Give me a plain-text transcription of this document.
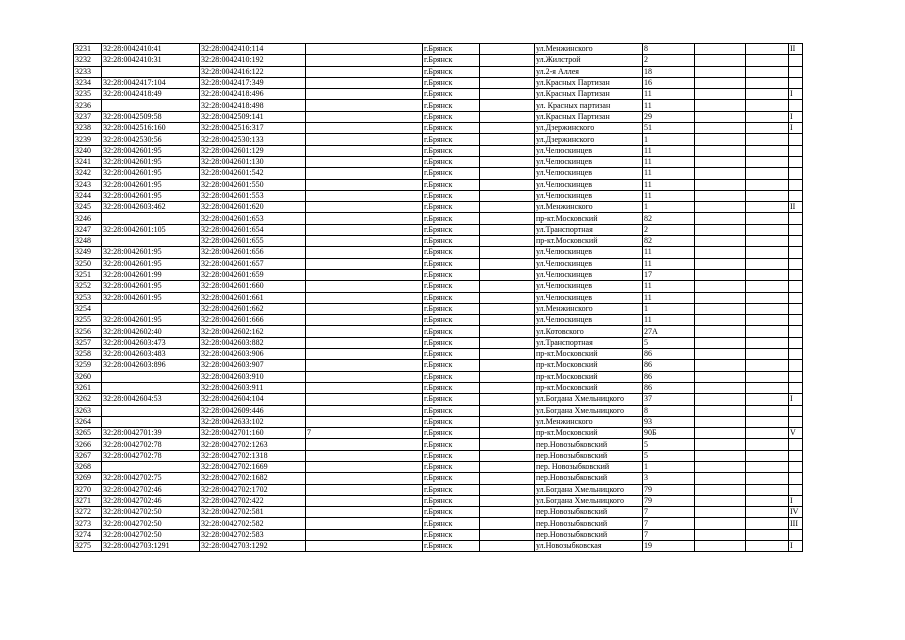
3231	32:28:0042410:41	32:28:0042410:114		г.Брянск		ул.Менжинского	8			II
3232	32:28:0042410:31	32:28:0042410:192		г.Брянск		ул.Жилстрой	2			
3233		32:28:0042416:122		г.Брянск		ул.2-я Аллея	18			
3234	32:28:0042417:104	32:28:0042417:349		г.Брянск		ул.Красных Партизан	16			
3235	32:28:0042418:49	32:28:0042418:496		г.Брянск		ул.Красных Партизан	11			I
3236		32:28:0042418:498		г.Брянск		ул. Красных партизан	11			
3237	32:28:0042509:58	32:28:0042509:141		г.Брянск		ул.Красных Партизан	29			I
3238	32:28:0042516:160	32:28:0042516:317		г.Брянск		ул.Дзержинского	51			I
3239	32:28:0042530:56	32:28:0042530:133		г.Брянск		ул.Дзержинского	1			
3240	32:28:0042601:95	32:28:0042601:129		г.Брянск		ул.Челюскинцев	11			
3241	32:28:0042601:95	32:28:0042601:130		г.Брянск		ул.Челюскинцев	11			
3242	32:28:0042601:95	32:28:0042601:542		г.Брянск		ул.Челюскинцев	11			
3243	32:28:0042601:95	32:28:0042601:550		г.Брянск		ул.Челюскинцев	11			
3244	32:28:0042601:95	32:28:0042601:553		г.Брянск		ул.Челюскинцев	11			
3245	32:28:0042603:462	32:28:0042601:620		г.Брянск		ул.Менжинского	1			II
3246		32:28:0042601:653		г.Брянск		пр-кт.Московский	82			
3247	32:28:0042601:105	32:28:0042601:654		г.Брянск		ул.Транспортная	2			
3248		32:28:0042601:655		г.Брянск		пр-кт.Московский	82			
3249	32:28:0042601:95	32:28:0042601:656		г.Брянск		ул.Челюскинцев	11			
3250	32:28:0042601:95	32:28:0042601:657		г.Брянск		ул.Челюскинцев	11			
3251	32:28:0042601:99	32:28:0042601:659		г.Брянск		ул.Челюскинцев	17			
3252	32:28:0042601:95	32:28:0042601:660		г.Брянск		ул.Челюскинцев	11			
3253	32:28:0042601:95	32:28:0042601:661		г.Брянск		ул.Челюскинцев	11			
3254		32:28:0042601:662		г.Брянск		ул.Менжинского	1			
3255	32:28:0042601:95	32:28:0042601:666		г.Брянск		ул.Челюскинцев	11			
3256	32:28:0042602:40	32:28:0042602:162		г.Брянск		ул.Котовского	27А			
3257	32:28:0042603:473	32:28:0042603:882		г.Брянск		ул.Транспортная	5			
3258	32:28:0042603:483	32:28:0042603:906		г.Брянск		пр-кт.Московский	86			
3259	32:28:0042603:896	32:28:0042603:907		г.Брянск		пр-кт.Московский	86			
3260		32:28:0042603:910		г.Брянск		пр-кт.Московский	86			
3261		32:28:0042603:911		г.Брянск		пр-кт.Московский	86			
3262	32:28:0042604:53	32:28:0042604:104		г.Брянск		ул.Богдана Хмельницкого	37			I
3263		32:28:0042609:446		г.Брянск		ул.Богдана Хмельницкого	8			
3264		32:28:0042633:102		г.Брянск		ул.Менжинского	93			
3265	32:28:0042701:39	32:28:0042701:160	7	г.Брянск		пр-кт.Московский	90Б			V
3266	32:28:0042702:78	32:28:0042702:1263		г.Брянск		пер.Новозыбковский	5			
3267	32:28:0042702:78	32:28:0042702:1318		г.Брянск		пер.Новозыбковский	5			
3268		32:28:0042702:1669		г.Брянск		пер. Новозыбковский	1			
3269	32:28:0042702:75	32:28:0042702:1682		г.Брянск		пер.Новозыбковский	3			
3270	32:28:0042702:46	32:28:0042702:1702		г.Брянск		ул.Богдана Хмельницкого	79			
3271	32:28:0042702:46	32:28:0042702:422		г.Брянск		ул.Богдана Хмельницкого	79			I
3272	32:28:0042702:50	32:28:0042702:581		г.Брянск		пер.Новозыбковский	7			IV
3273	32:28:0042702:50	32:28:0042702:582		г.Брянск		пер.Новозыбковский	7			III
3274	32:28:0042702:50	32:28:0042702:583		г.Брянск		пер.Новозыбковский	7			
3275	32:28:0042703:1291	32:28:0042703:1292		г.Брянск		ул.Новозыбковская	19			I
